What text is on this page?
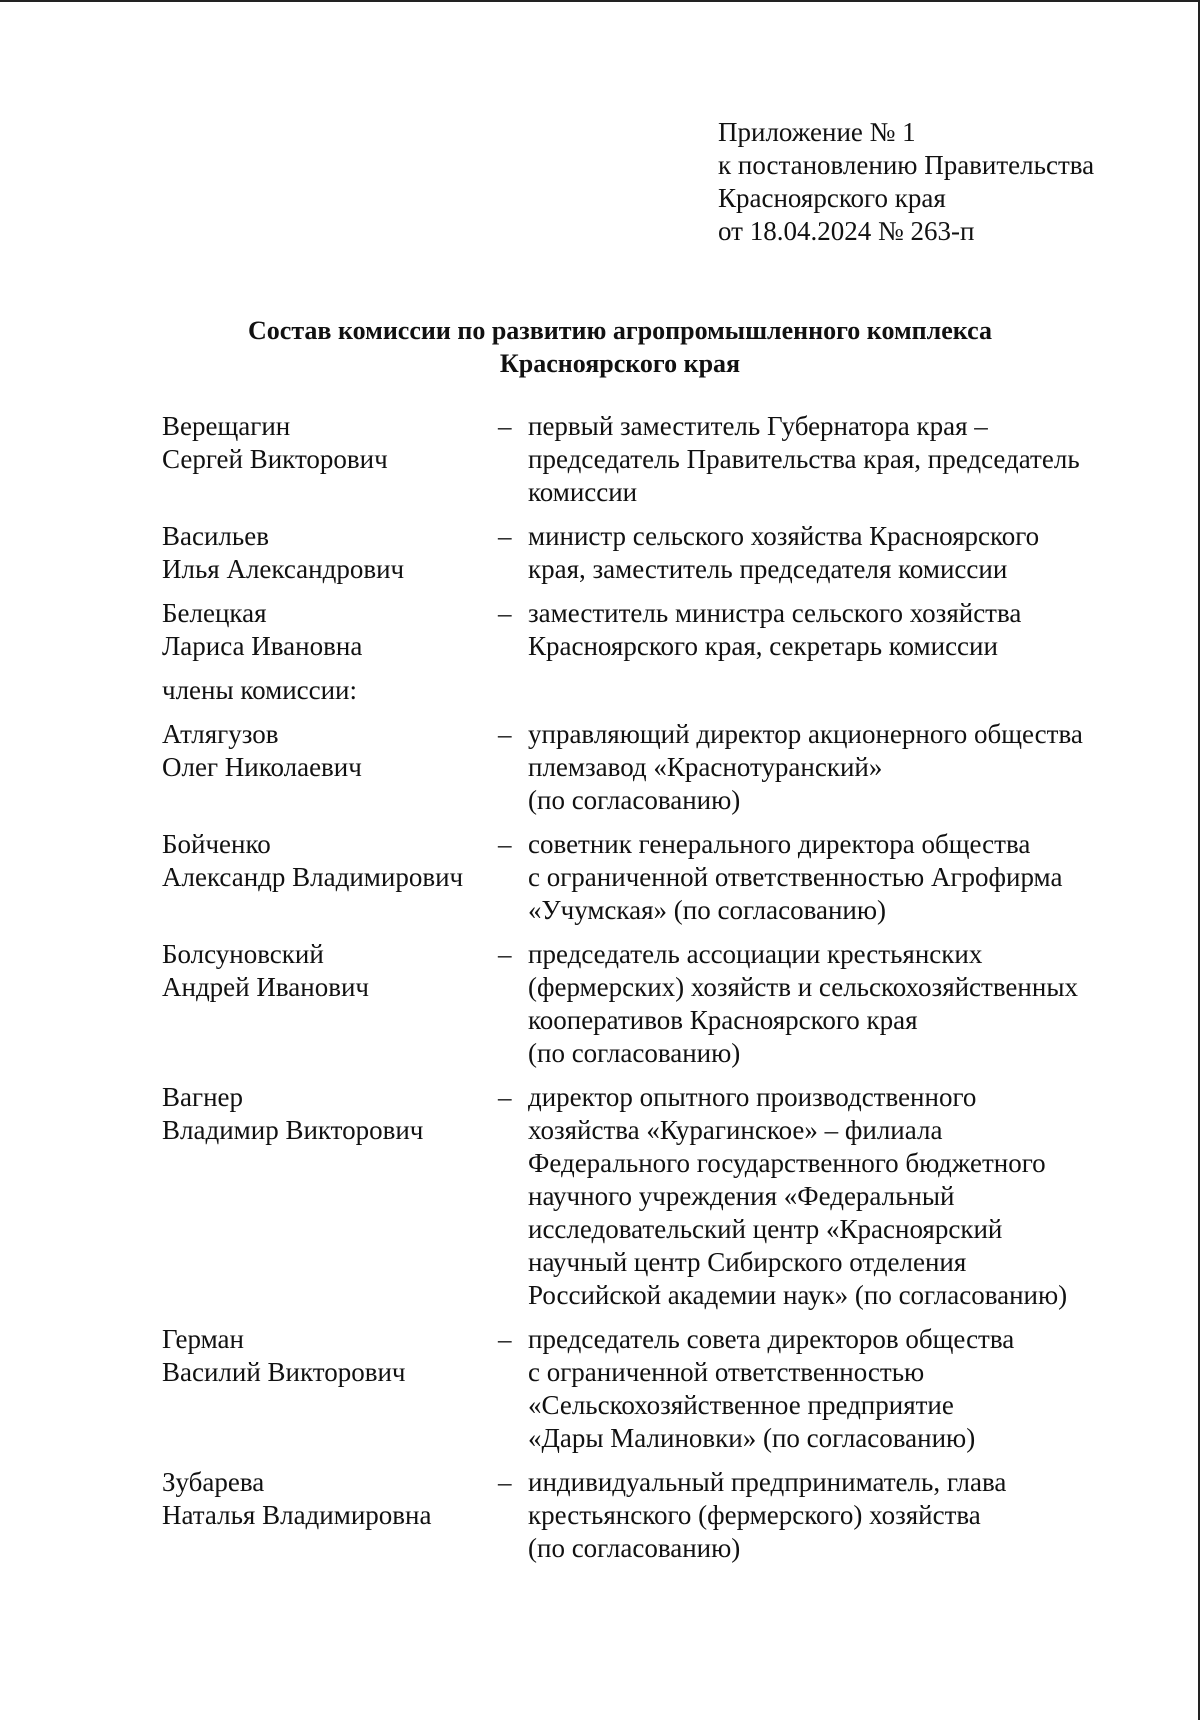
Приложение № 1
к постановлению Правительства
Красноярского края
от 18.04.2024 № 263-п
Состав комиссии по развитию агропромышленного комплекса
Красноярского края
Верещагин
Сергей Викторович
– первый заместитель Губернатора края –
председатель Правительства края, председатель
комиссии
Васильев
Илья Александрович
– министр сельского хозяйства Красноярского
края, заместитель председателя комиссии
Белецкая
Лариса Ивановна
– заместитель министра сельского хозяйства
Красноярского края, секретарь комиссии
члены комиссии:
Атлягузов
Олег Николаевич
– управляющий директор акционерного общества
племзавод «Краснотуранский»
(по согласованию)
Бойченко
Александр Владимирович
– советник генерального директора общества
с ограниченной ответственностью Агрофирма
«Учумская» (по согласованию)
Болсуновский
Андрей Иванович
– председатель ассоциации крестьянских
(фермерских) хозяйств и сельскохозяйственных
кооперативов Красноярского края
(по согласованию)
Вагнер
Владимир Викторович
– директор опытного производственного
хозяйства «Курагинское» – филиала
Федерального государственного бюджетного
научного учреждения «Федеральный
исследовательский центр «Красноярский
научный центр Сибирского отделения
Российской академии наук» (по согласованию)
Герман
Василий Викторович
– председатель совета директоров общества
с ограниченной ответственностью
«Сельскохозяйственное предприятие
«Дары Малиновки» (по согласованию)
Зубарева
Наталья Владимировна
– индивидуальный предприниматель, глава
крестьянского (фермерского) хозяйства
(по согласованию)
